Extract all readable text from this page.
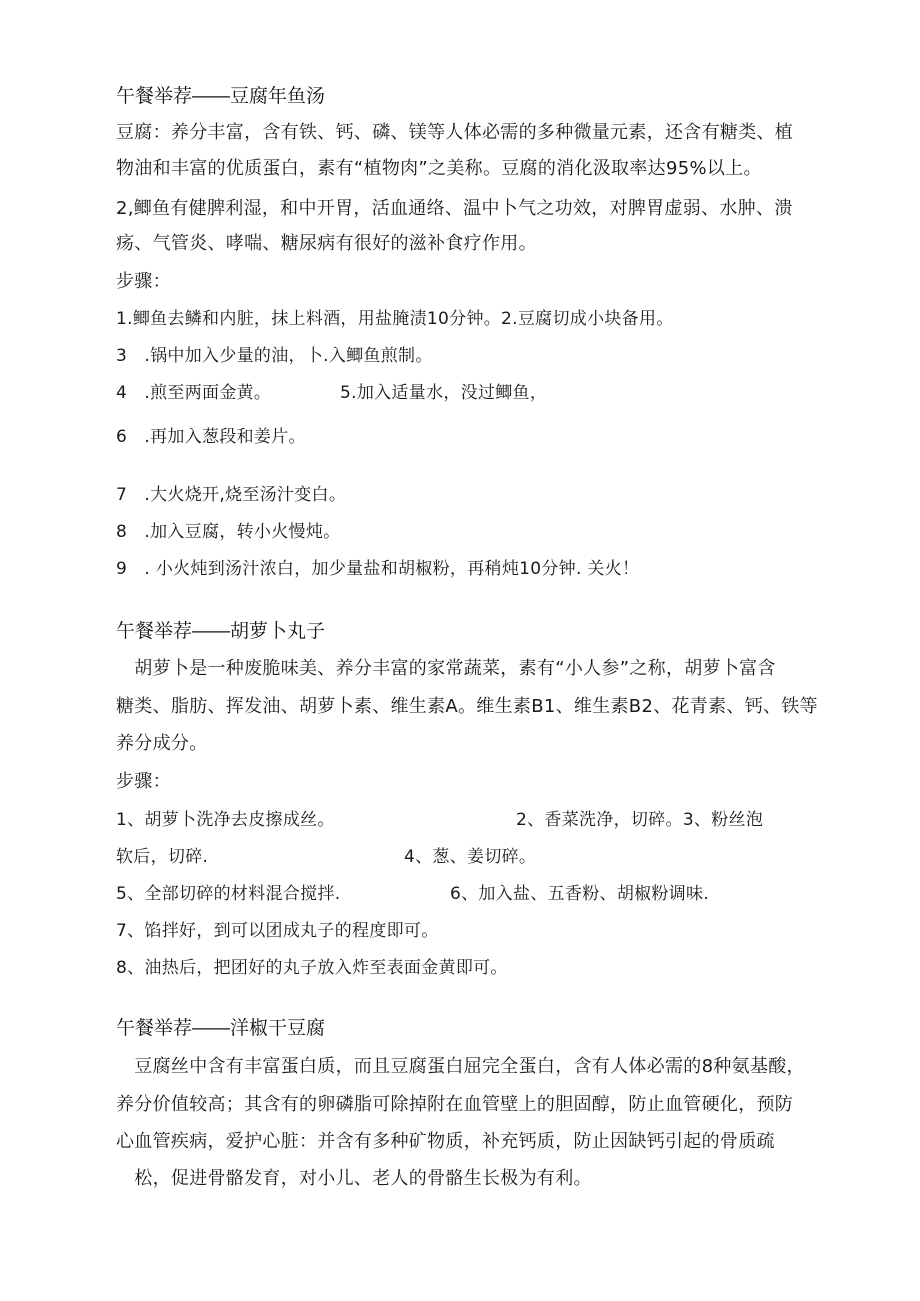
午餐举荐——豆腐年鱼汤
豆腐：养分丰富，含有铁、钙、磷、镁等人体必需的多种微量元素，还含有糖类、植
物油和丰富的优质蛋白，素有“植物肉”之美称。豆腐的消化汲取率达95%以上。
2,鲫鱼有健脾利湿，和中开胃，活血通络、温中卜气之功效，对脾胃虚弱、水肿、溃
疡、气管炎、哮喘、糖尿病有很好的滋补食疗作用。
步骤：
1.鲫鱼去鳞和内脏，抹上料酒，用盐腌渍10分钟。2.豆腐切成小块备用。
3　.锅中加入少量的油，卜.入鲫鱼煎制。
4　.煎至两面金黄。	5.加入适量水，没过鲫鱼，
6　.再加入葱段和姜片。
7　.大火烧开,烧至汤汁变白。
8　.加入豆腐，转小火慢炖。
9　. 小火炖到汤汁浓白，加少量盐和胡椒粉，再稍炖10分钟. 关火！
午餐举荐——胡萝卜丸子
　胡萝卜是一种废脆味美、养分丰富的家常蔬菜，素有“小人参”之称，胡萝卜富含
糖类、脂肪、挥发油、胡萝卜素、维生素A。维生素B1、维生素B2、花青素、钙、铁等
养分成分。
步骤：
1、胡萝卜洗净去皮擦成丝。	2、香菜洗净，切碎。3、粉丝泡
软后，切碎.	4、葱、姜切碎。
5、全部切碎的材料混合搅拌.	6、加入盐、五香粉、胡椒粉调味.
7、馅拌好，到可以团成丸子的程度即可。
8、油热后，把团好的丸子放入炸至表面金黄即可。
午餐举荐——洋椒干豆腐
　豆腐丝中含有丰富蛋白质，而且豆腐蛋白屈完全蛋白，含有人体必需的8种氨基酸，
养分价值较高；其含有的卵磷脂可除掉附在血管壁上的胆固醇，防止血管硬化，预防
心血管疾病，爱护心脏：并含有多种矿物质，补充钙质，防止因缺钙引起的骨质疏
　松，促进骨骼发育，对小儿、老人的骨骼生长极为有利。
